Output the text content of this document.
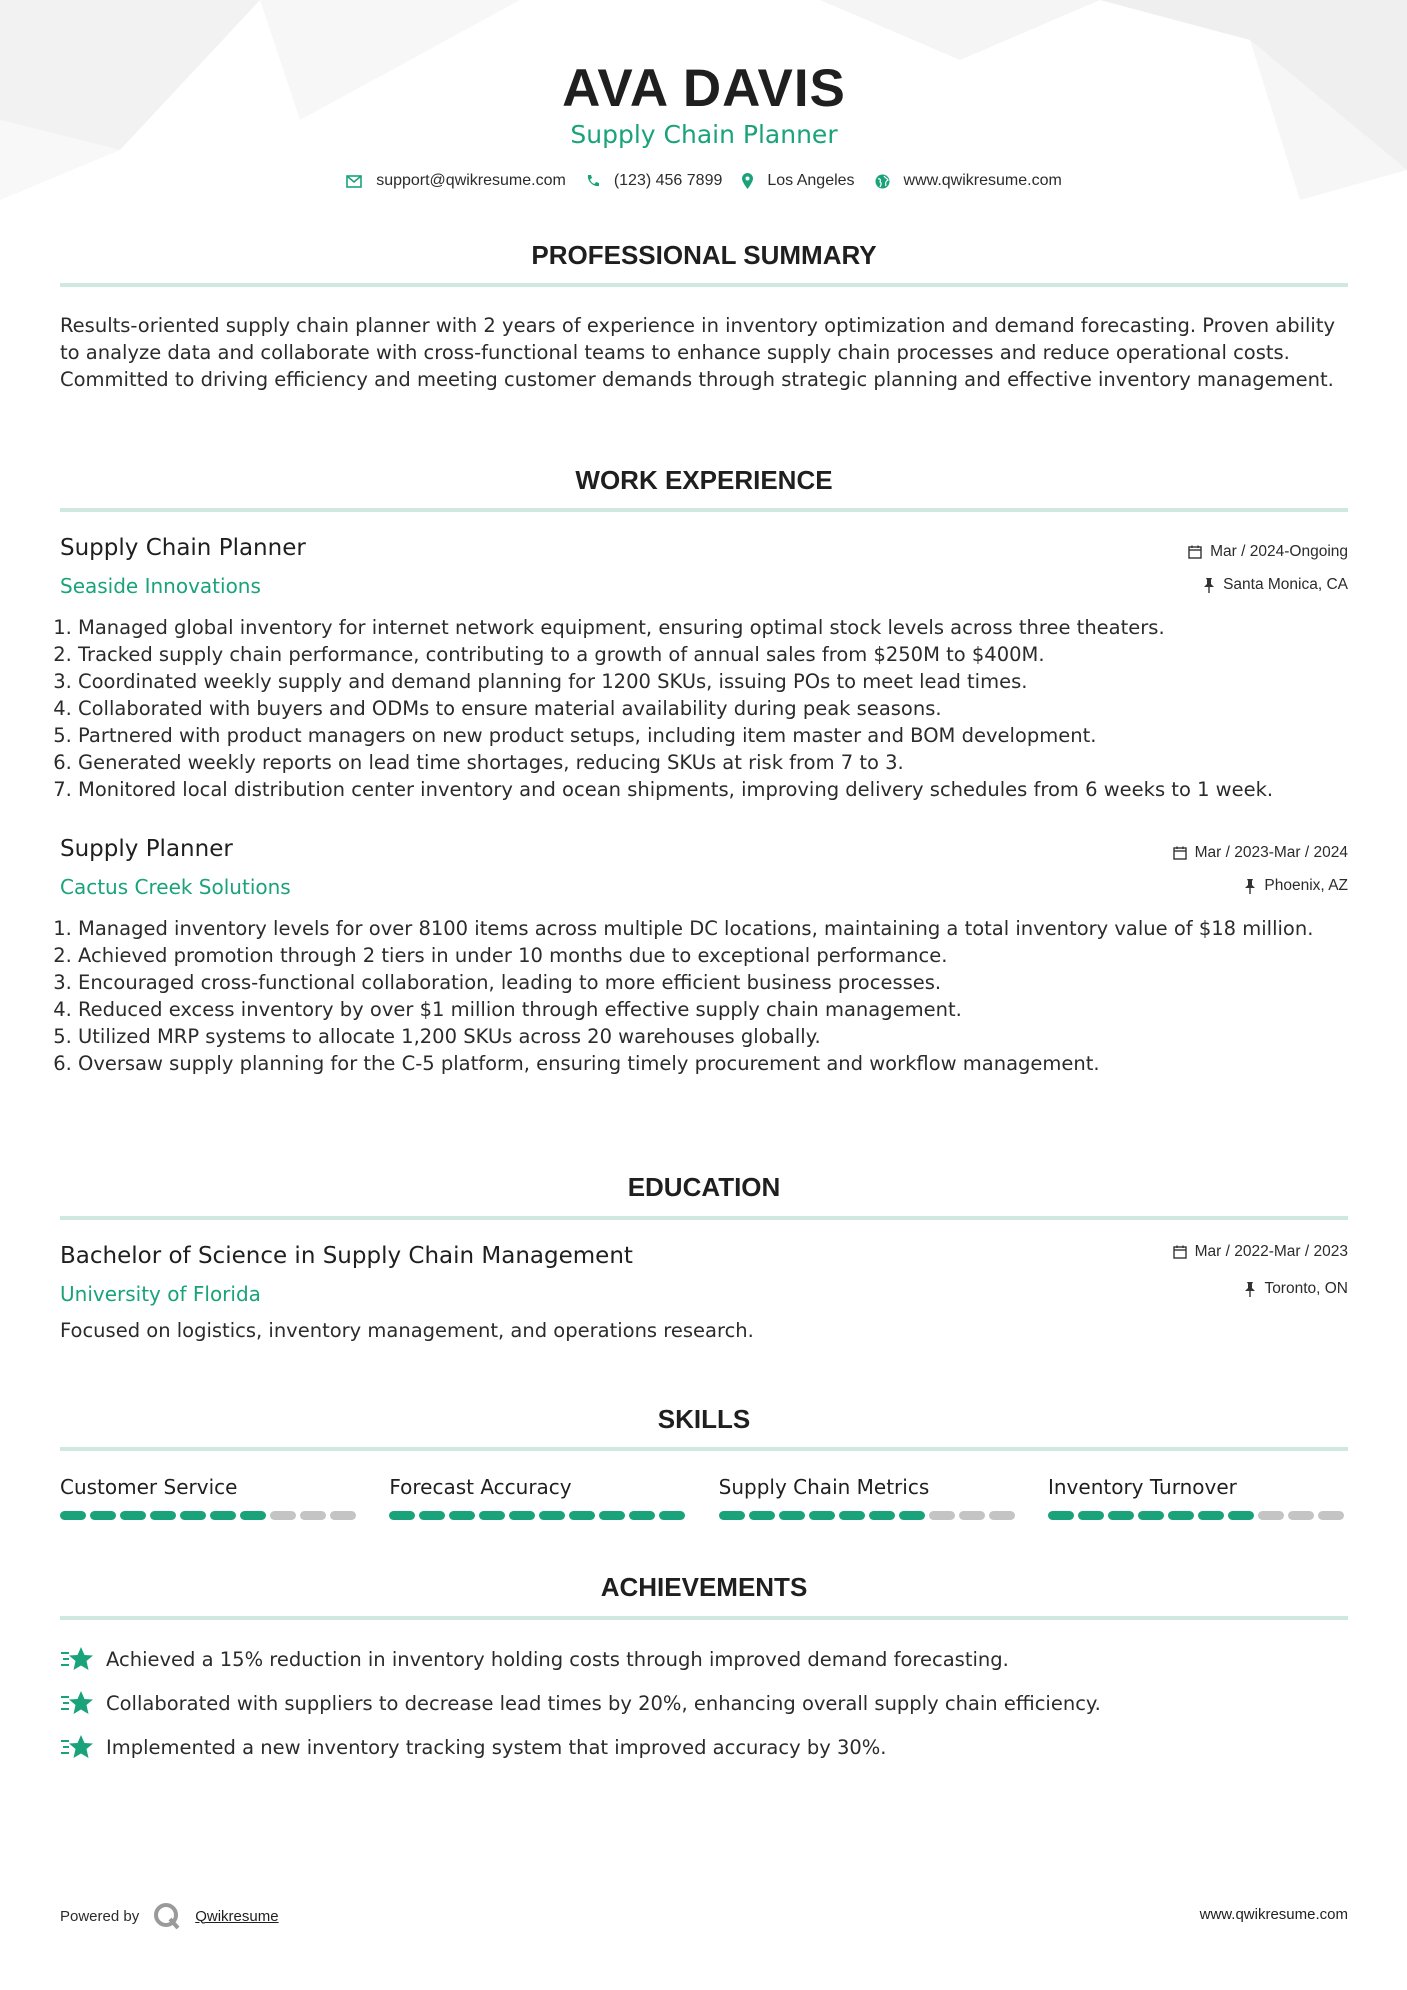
AVA DAVIS
Supply Chain Planner
support@qwikresume.com	(123) 456 7899	Los Angeles	www.qwikresume.com
PROFESSIONAL SUMMARY
Results-oriented supply chain planner with 2 years of experience in inventory optimization and demand forecasting. Proven ability to analyze data and collaborate with cross-functional teams to enhance supply chain processes and reduce operational costs. Committed to driving efficiency and meeting customer demands through strategic planning and effective inventory management.
WORK EXPERIENCE
Supply Chain Planner
Seaside Innovations
Mar / 2024-Ongoing
Santa Monica, CA
1. Managed global inventory for internet network equipment, ensuring optimal stock levels across three theaters.
2. Tracked supply chain performance, contributing to a growth of annual sales from $250M to $400M.
3. Coordinated weekly supply and demand planning for 1200 SKUs, issuing POs to meet lead times.
4. Collaborated with buyers and ODMs to ensure material availability during peak seasons.
5. Partnered with product managers on new product setups, including item master and BOM development.
6. Generated weekly reports on lead time shortages, reducing SKUs at risk from 7 to 3.
7. Monitored local distribution center inventory and ocean shipments, improving delivery schedules from 6 weeks to 1 week.
Supply Planner
Cactus Creek Solutions
Mar / 2023-Mar / 2024
Phoenix, AZ
1. Managed inventory levels for over 8100 items across multiple DC locations, maintaining a total inventory value of $18 million.
2. Achieved promotion through 2 tiers in under 10 months due to exceptional performance.
3. Encouraged cross-functional collaboration, leading to more efficient business processes.
4. Reduced excess inventory by over $1 million through effective supply chain management.
5. Utilized MRP systems to allocate 1,200 SKUs across 20 warehouses globally.
6. Oversaw supply planning for the C-5 platform, ensuring timely procurement and workflow management.
EDUCATION
Bachelor of Science in Supply Chain Management
University of Florida
Mar / 2022-Mar / 2023
Toronto, ON
Focused on logistics, inventory management, and operations research.
SKILLS
Customer Service	Forecast Accuracy	Supply Chain Metrics	Inventory Turnover
ACHIEVEMENTS
Achieved a 15% reduction in inventory holding costs through improved demand forecasting.
Collaborated with suppliers to decrease lead times by 20%, enhancing overall supply chain efficiency.
Implemented a new inventory tracking system that improved accuracy by 30%.
Powered by	Qwikresume	www.qwikresume.com
